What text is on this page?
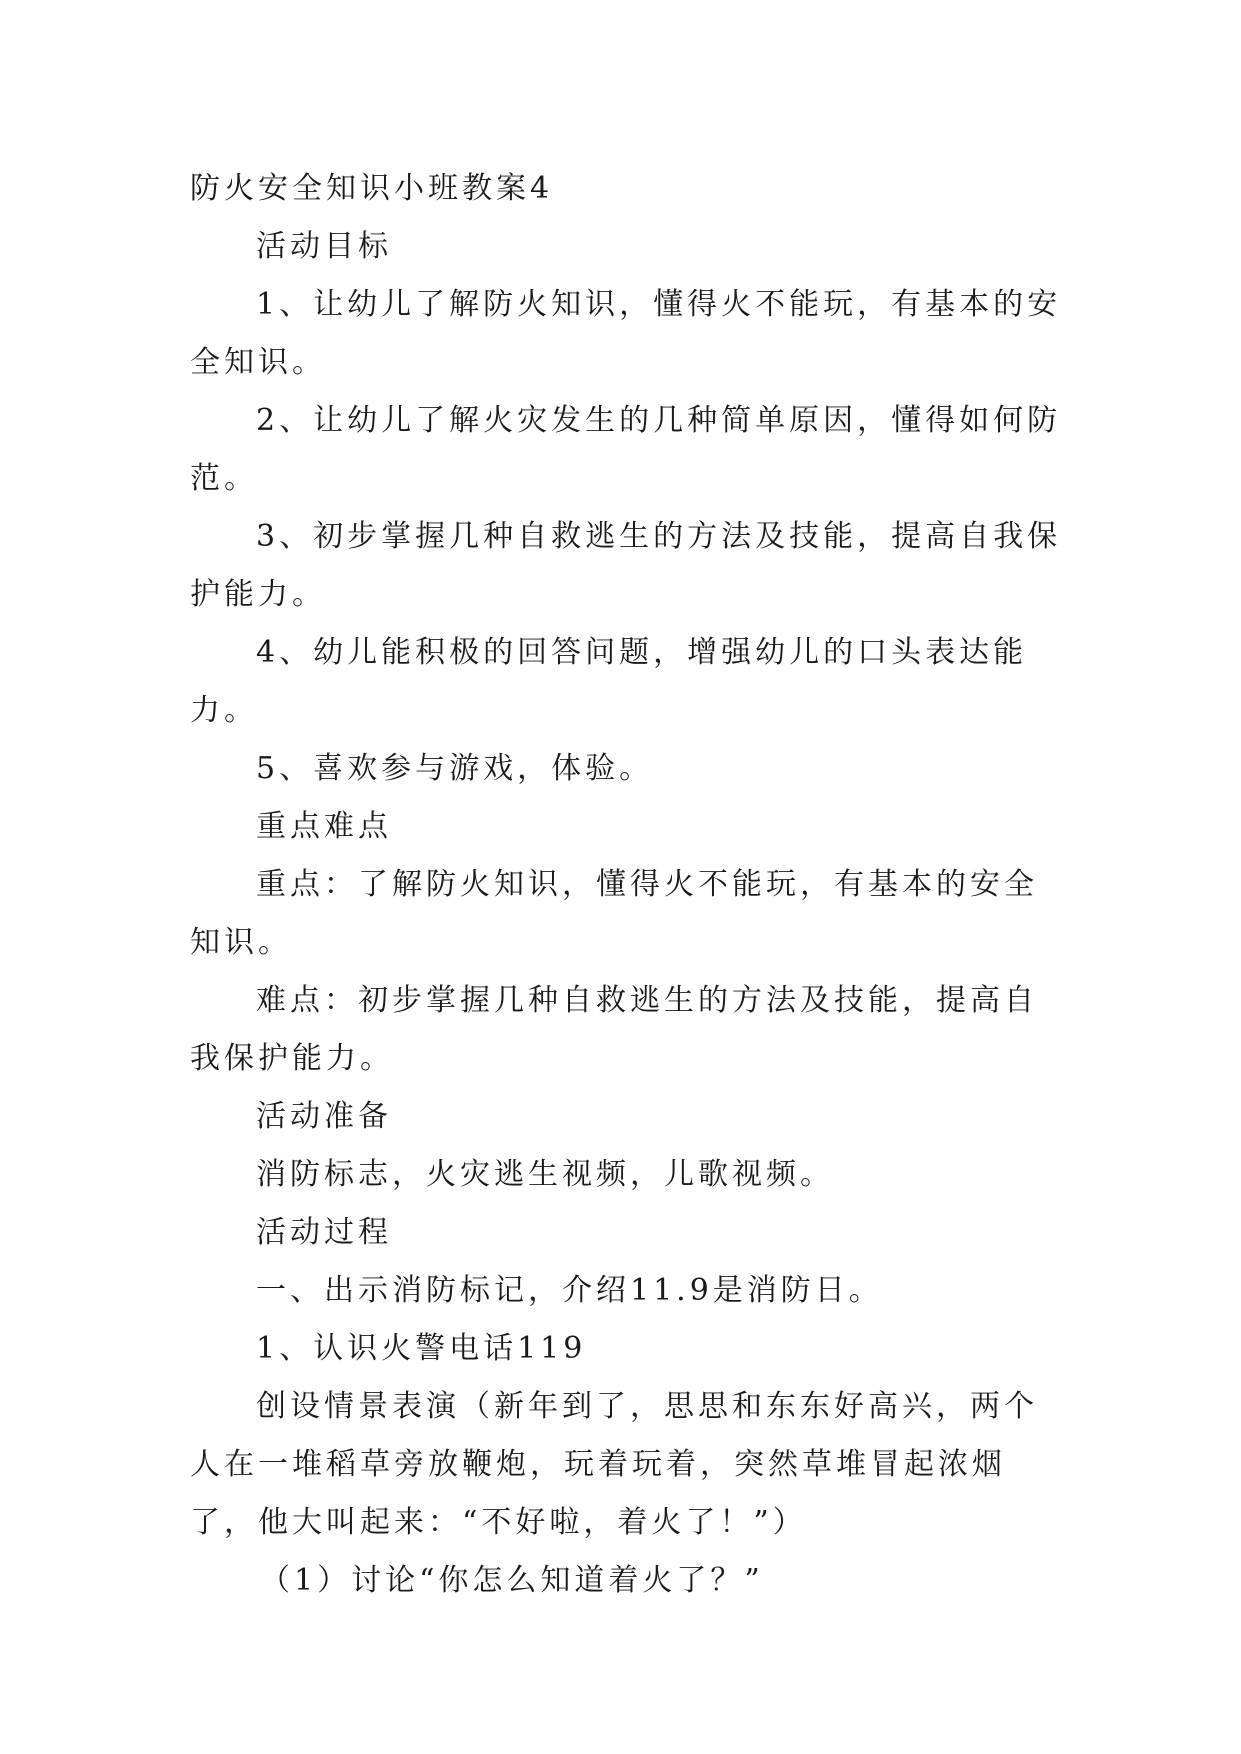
防火安全知识小班教案4

活动目标

1、让幼儿了解防火知识，懂得火不能玩，有基本的安全知识。

2、让幼儿了解火灾发生的几种简单原因，懂得如何防范。

3、初步掌握几种自救逃生的方法及技能，提高自我保护能力。

4、幼儿能积极的回答问题，增强幼儿的口头表达能力。

5、喜欢参与游戏，体验。

重点难点

重点：了解防火知识，懂得火不能玩，有基本的安全知识。

难点：初步掌握几种自救逃生的方法及技能，提高自我保护能力。

活动准备

消防标志，火灾逃生视频，儿歌视频。

活动过程

一、出示消防标记，介绍11.9是消防日。

1、认识火警电话119

创设情景表演（新年到了，思思和东东好高兴，两个人在一堆稻草旁放鞭炮，玩着玩着，突然草堆冒起浓烟了，他大叫起来：“不好啦，着火了！”）

（1）讨论“你怎么知道着火了？”
